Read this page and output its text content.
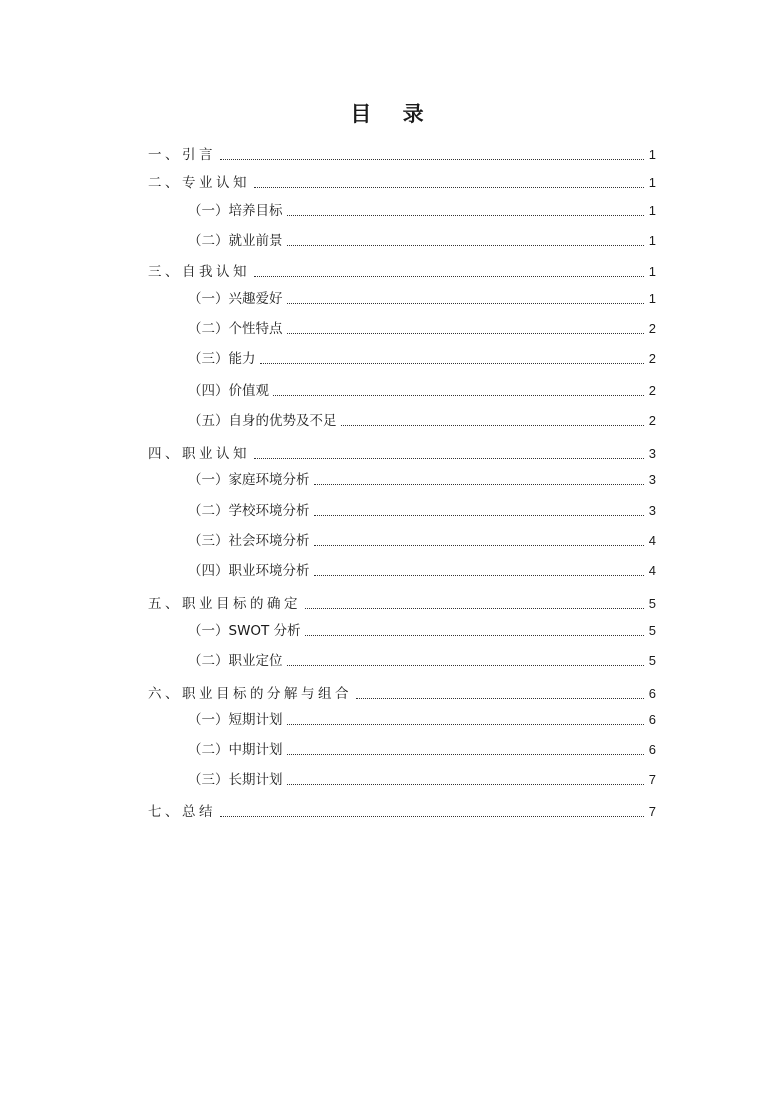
目 录
一、引言	1
二、专业认知	1
（一）培养目标	1
（二）就业前景	1
三、自我认知	1
（一）兴趣爱好	1
（二）个性特点	2
（三）能力	2
（四）价值观	2
（五）自身的优势及不足	2
四、职业认知	3
（一）家庭环境分析	3
（二）学校环境分析	3
（三）社会环境分析	4
（四）职业环境分析	4
五、职业目标的确定	5
（一）SWOT 分析	5
（二）职业定位	5
六、职业目标的分解与组合	6
（一）短期计划	6
（二）中期计划	6
（三）长期计划	7
七、总结	7
